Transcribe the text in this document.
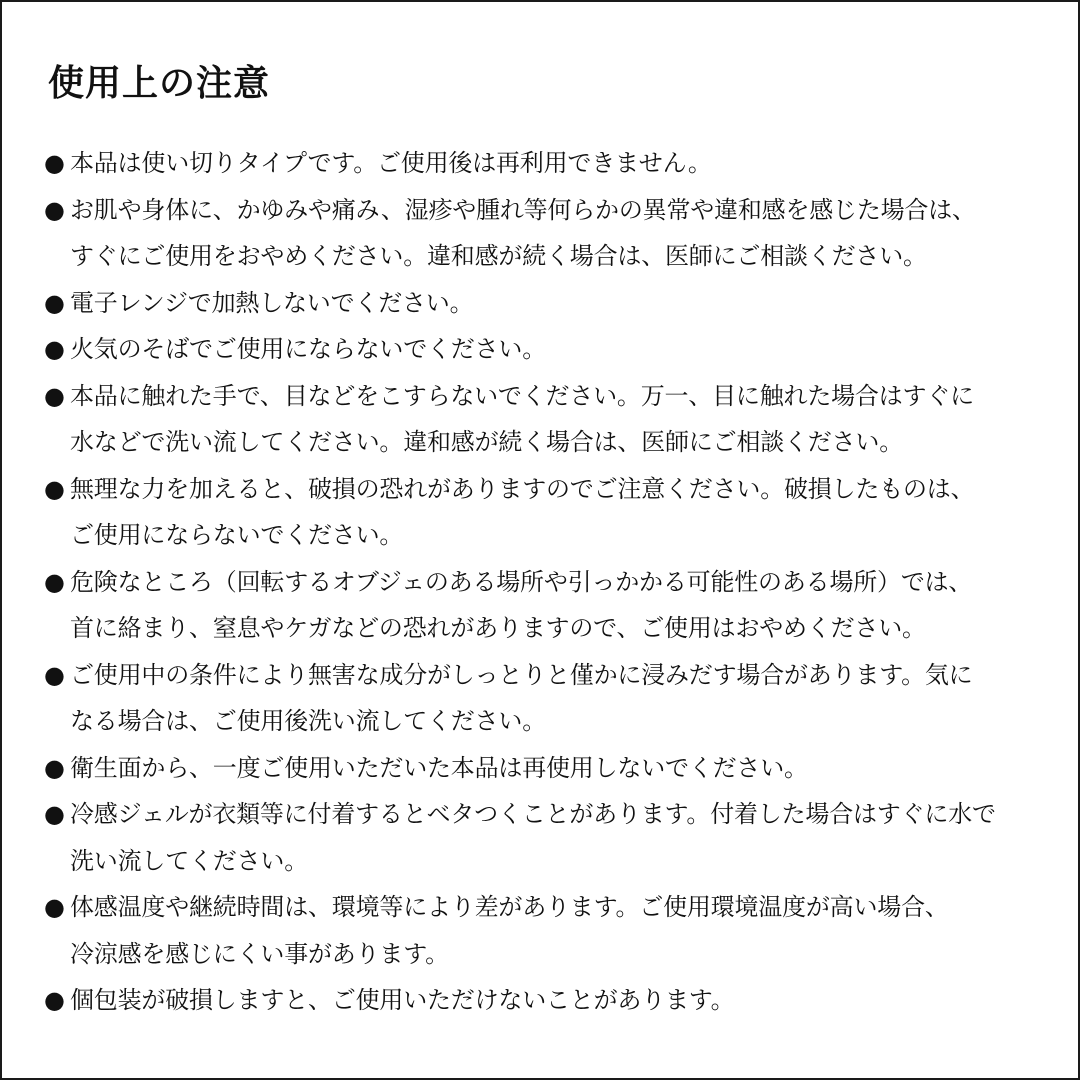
使用上の注意
● 本品は使い切りタイプです。ご使用後は再利用できません。
● お肌や身体に、かゆみや痛み、湿疹や腫れ等何らかの異常や違和感を感じた場合は、
すぐにご使用をおやめください。違和感が続く場合は、医師にご相談ください。
● 電子レンジで加熱しないでください。
● 火気のそばでご使用にならないでください。
● 本品に触れた手で、目などをこすらないでください。万一、目に触れた場合はすぐに
水などで洗い流してください。違和感が続く場合は、医師にご相談ください。
● 無理な力を加えると、破損の恐れがありますのでご注意ください。破損したものは、
ご使用にならないでください。
● 危険なところ（回転するオブジェのある場所や引っかかる可能性のある場所）では、
首に絡まり、窒息やケガなどの恐れがありますので、ご使用はおやめください。
● ご使用中の条件により無害な成分がしっとりと僅かに浸みだす場合があります。気に
なる場合は、ご使用後洗い流してください。
● 衛生面から、一度ご使用いただいた本品は再使用しないでください。
● 冷感ジェルが衣類等に付着するとベタつくことがあります。付着した場合はすぐに水で
洗い流してください。
● 体感温度や継続時間は、環境等により差があります。ご使用環境温度が高い場合、
冷涼感を感じにくい事があります。
● 個包装が破損しますと、ご使用いただけないことがあります。
